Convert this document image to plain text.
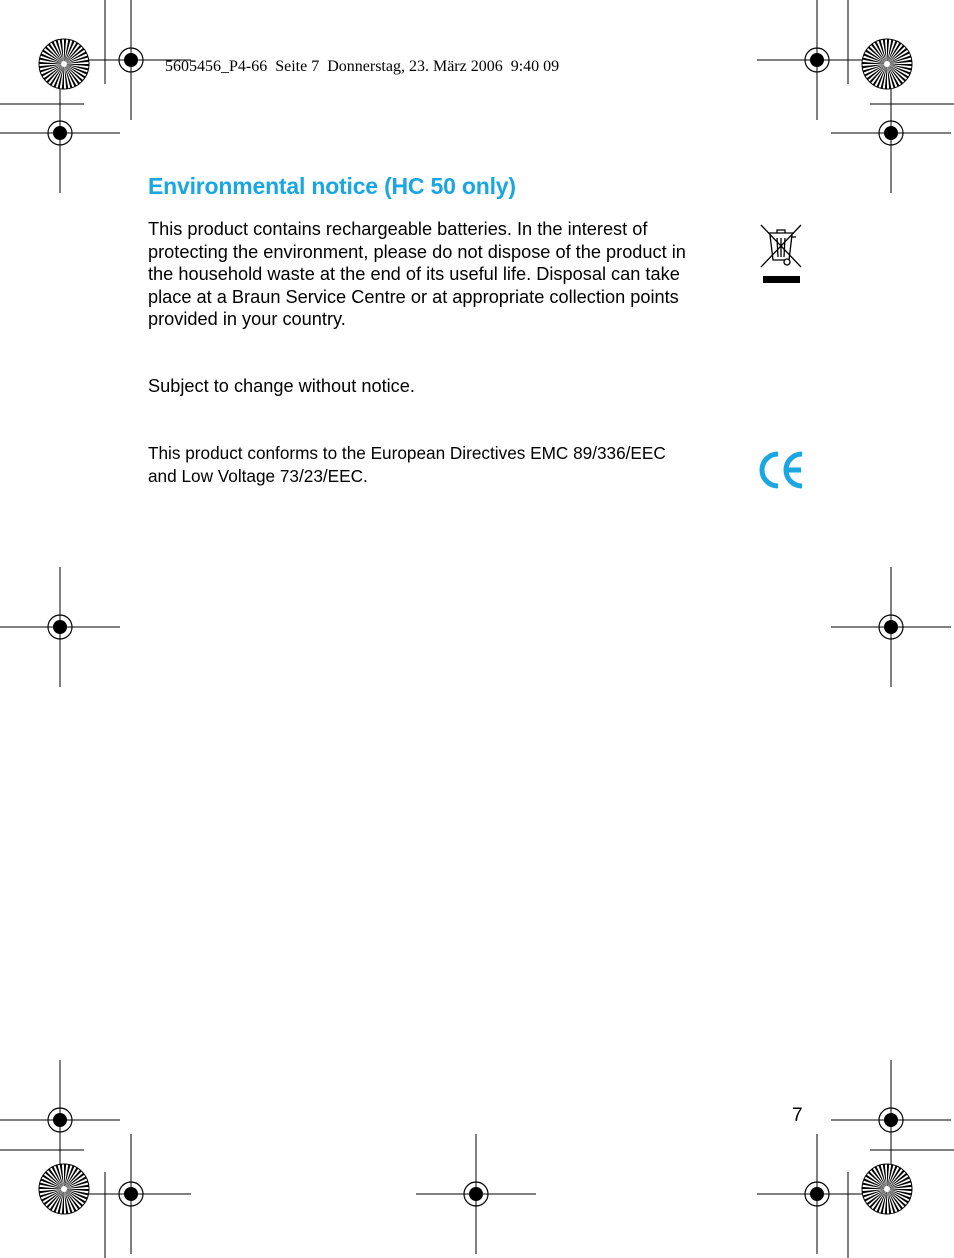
5605456_P4-66  Seite 7  Donnerstag, 23. März 2006  9:40 09
Environmental notice (HC 50 only)

This product contains rechargeable batteries. In the interest of
protecting the environment, please do not dispose of the product in
the household waste at the end of its useful life. Disposal can take
place at a Braun Service Centre or at appropriate collection points
provided in your country.

Subject to change without notice.

This product conforms to the European Directives EMC 89/336/EEC
and Low Voltage 73/23/EEC.

7
